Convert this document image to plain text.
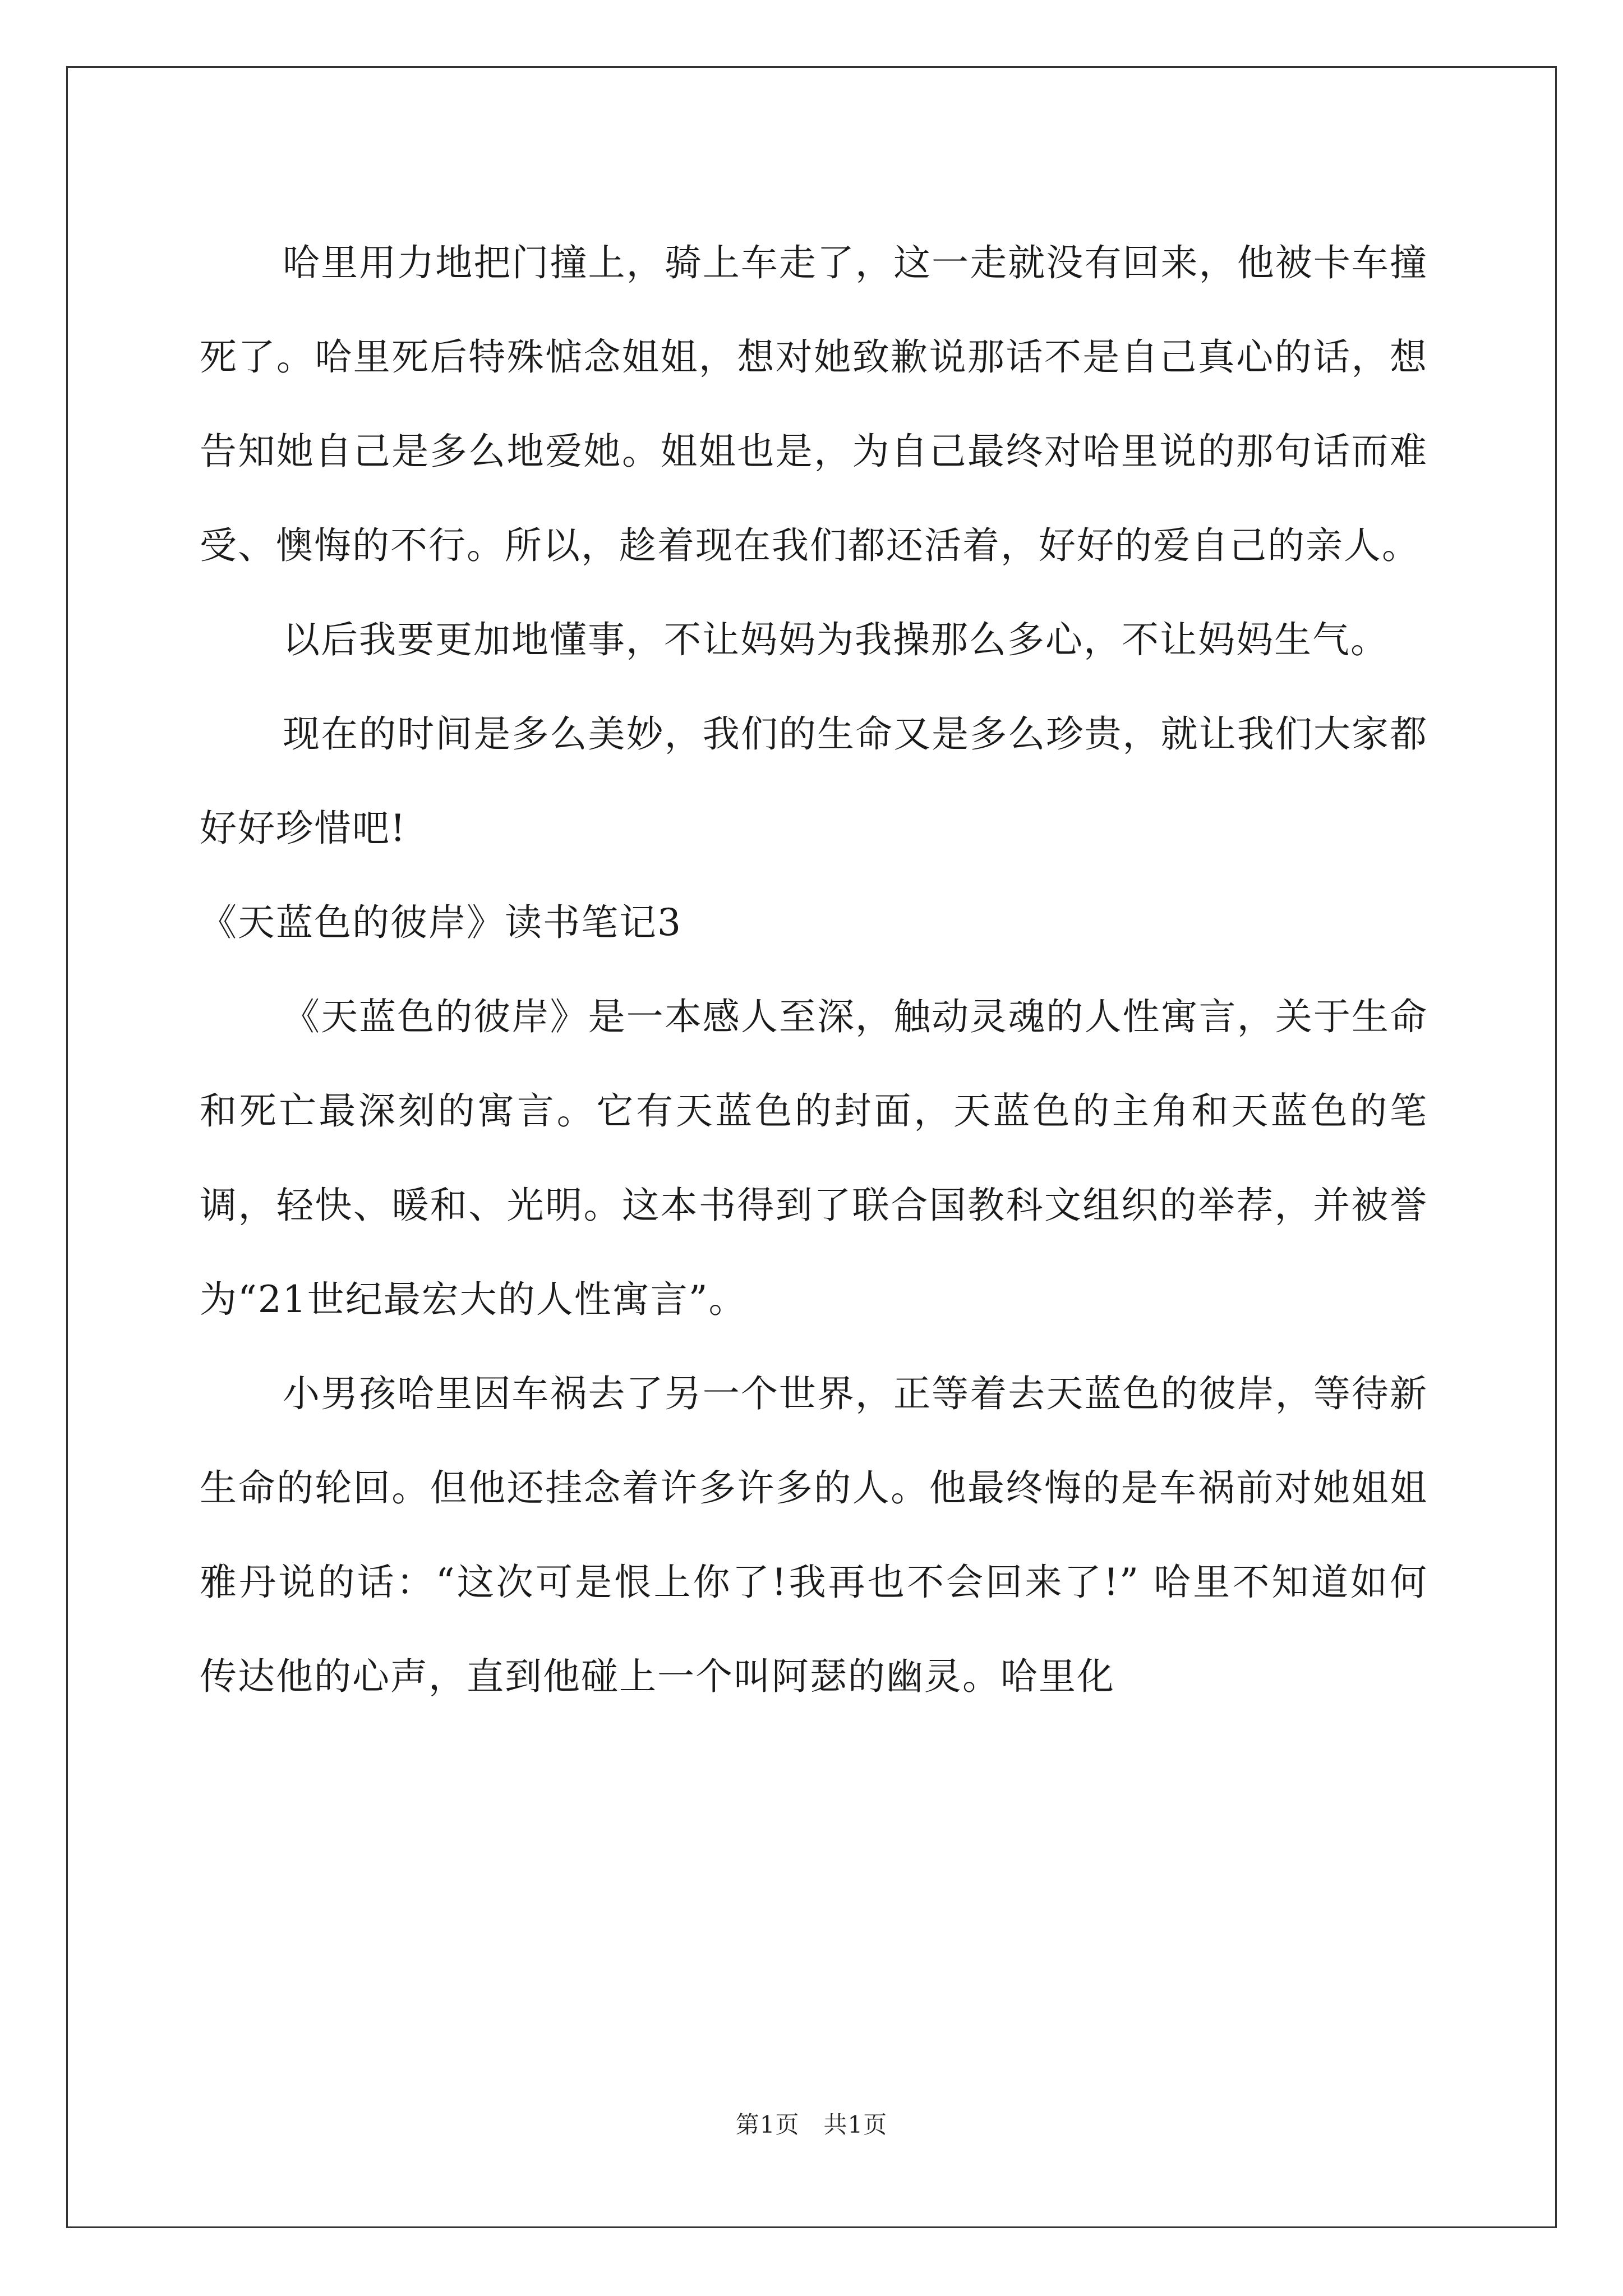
哈里用力地把门撞上，骑上车走了，这一走就没有回来，他被卡车撞死了。哈里死后特殊惦念姐姐，想对她致歉说那话不是自己真心的话，想告知她自己是多么地爱她。姐姐也是，为自己最终对哈里说的那句话而难受、懊悔的不行。所以，趁着现在我们都还活着，好好的爱自己的亲人。

以后我要更加地懂事，不让妈妈为我操那么多心，不让妈妈生气。

现在的时间是多么美妙，我们的生命又是多么珍贵，就让我们大家都好好珍惜吧!

《天蓝色的彼岸》读书笔记3

《天蓝色的彼岸》是一本感人至深，触动灵魂的人性寓言，关于生命和死亡最深刻的寓言。它有天蓝色的封面，天蓝色的主角和天蓝色的笔调，轻快、暖和、光明。这本书得到了联合国教科文组织的举荐，并被誉为“21世纪最宏大的人性寓言”。

小男孩哈里因车祸去了另一个世界，正等着去天蓝色的彼岸，等待新生命的轮回。但他还挂念着许多许多的人。他最终悔的是车祸前对她姐姐雅丹说的话：“这次可是恨上你了!我再也不会回来了!” 哈里不知道如何传达他的心声，直到他碰上一个叫阿瑟的幽灵。哈里化

第1页　共1页
